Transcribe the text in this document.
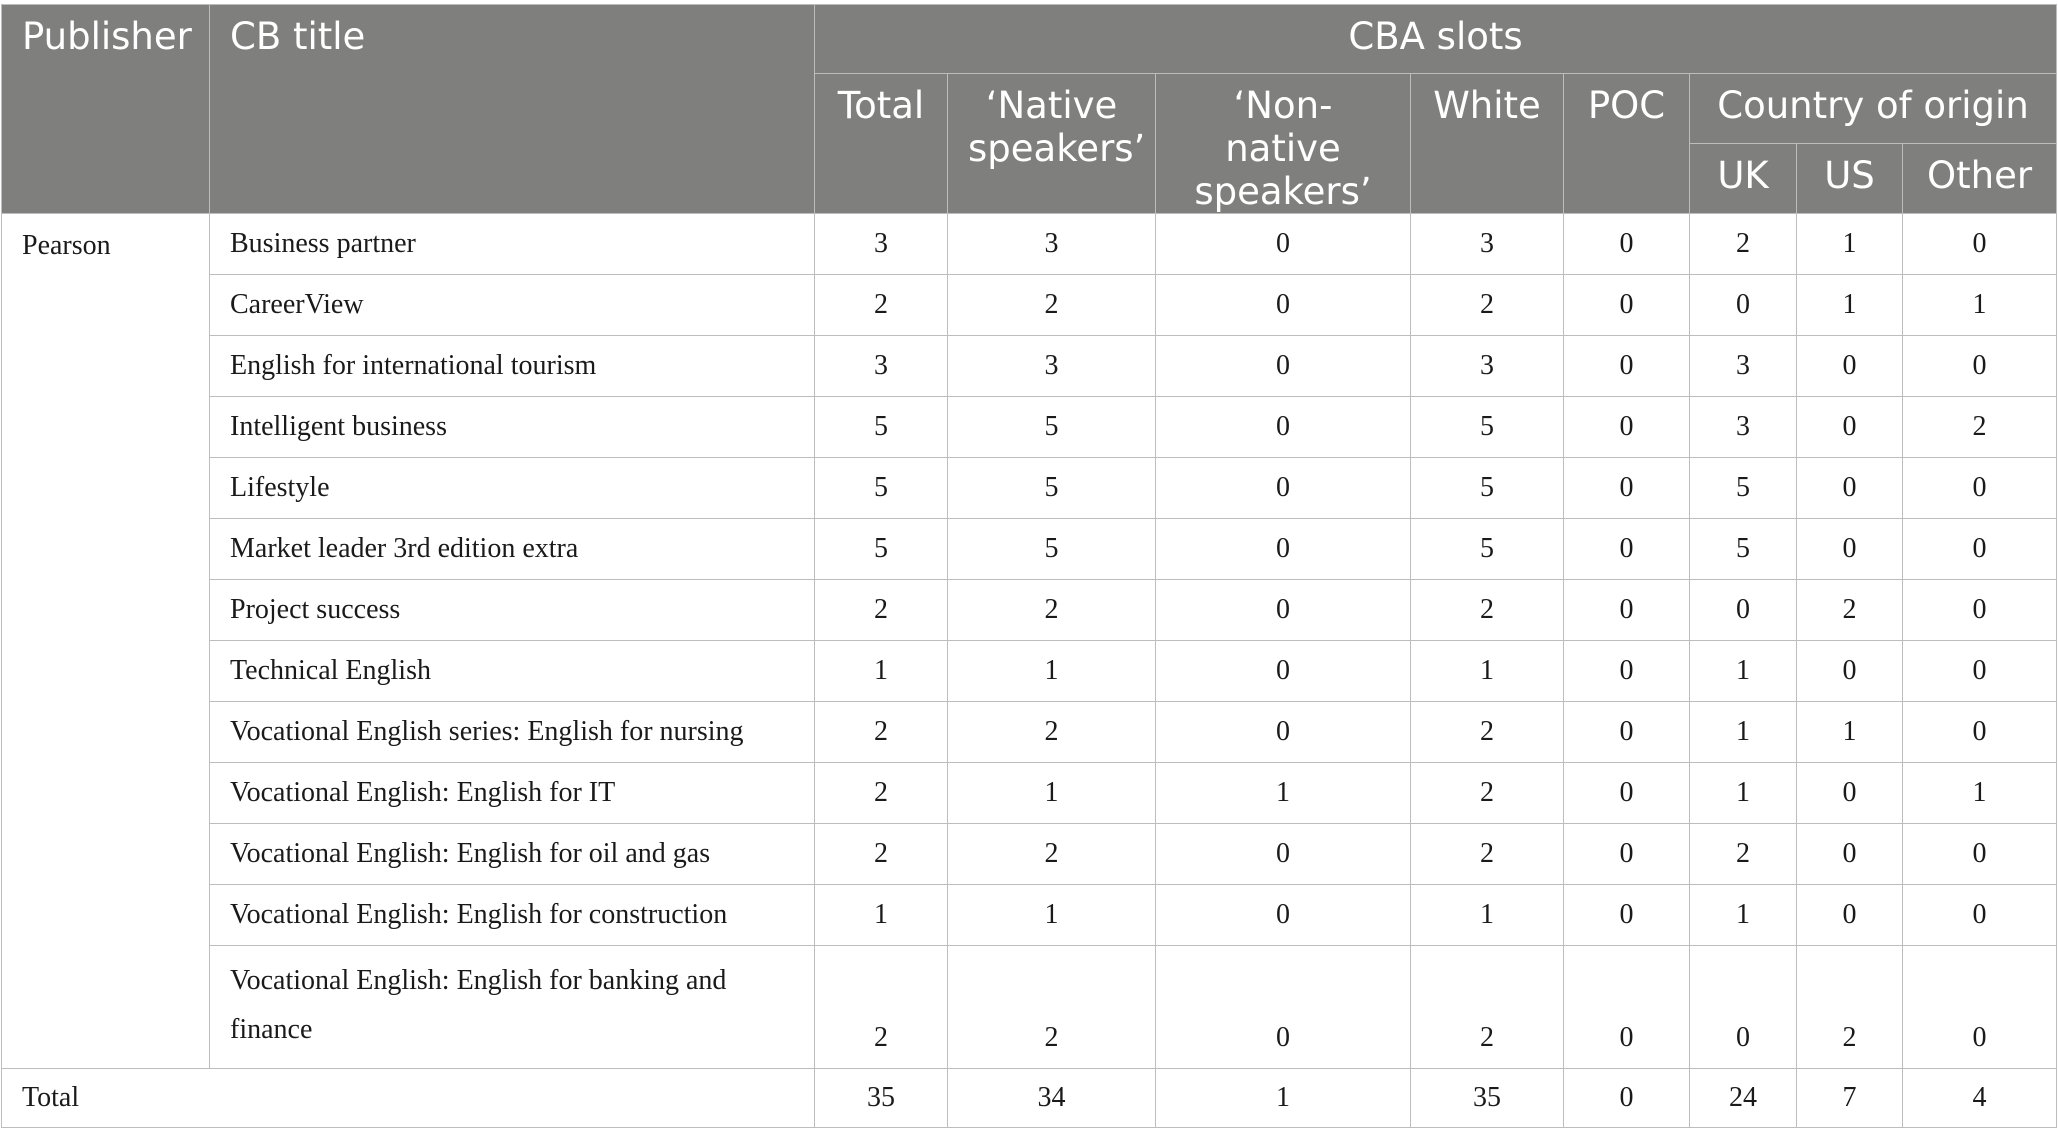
Publisher	CB title	CBA slots							
		Total	‘Native speakers’	‘Non-native speakers’	White	POC	Country of origin		
							UK	US	Other
Pearson	Business partner	3	3	0	3	0	2	1	0
	CareerView	2	2	0	2	0	0	1	1
	English for international tourism	3	3	0	3	0	3	0	0
	Intelligent business	5	5	0	5	0	3	0	2
	Lifestyle	5	5	0	5	0	5	0	0
	Market leader 3rd edition extra	5	5	0	5	0	5	0	0
	Project success	2	2	0	2	0	0	2	0
	Technical English	1	1	0	1	0	1	0	0
	Vocational English series: English for nursing	2	2	0	2	0	1	1	0
	Vocational English: English for IT	2	1	1	2	0	1	0	1
	Vocational English: English for oil and gas	2	2	0	2	0	2	0	0
	Vocational English: English for construction	1	1	0	1	0	1	0	0
	Vocational English: English for banking and finance	2	2	0	2	0	0	2	0
Total		35	34	1	35	0	24	7	4
